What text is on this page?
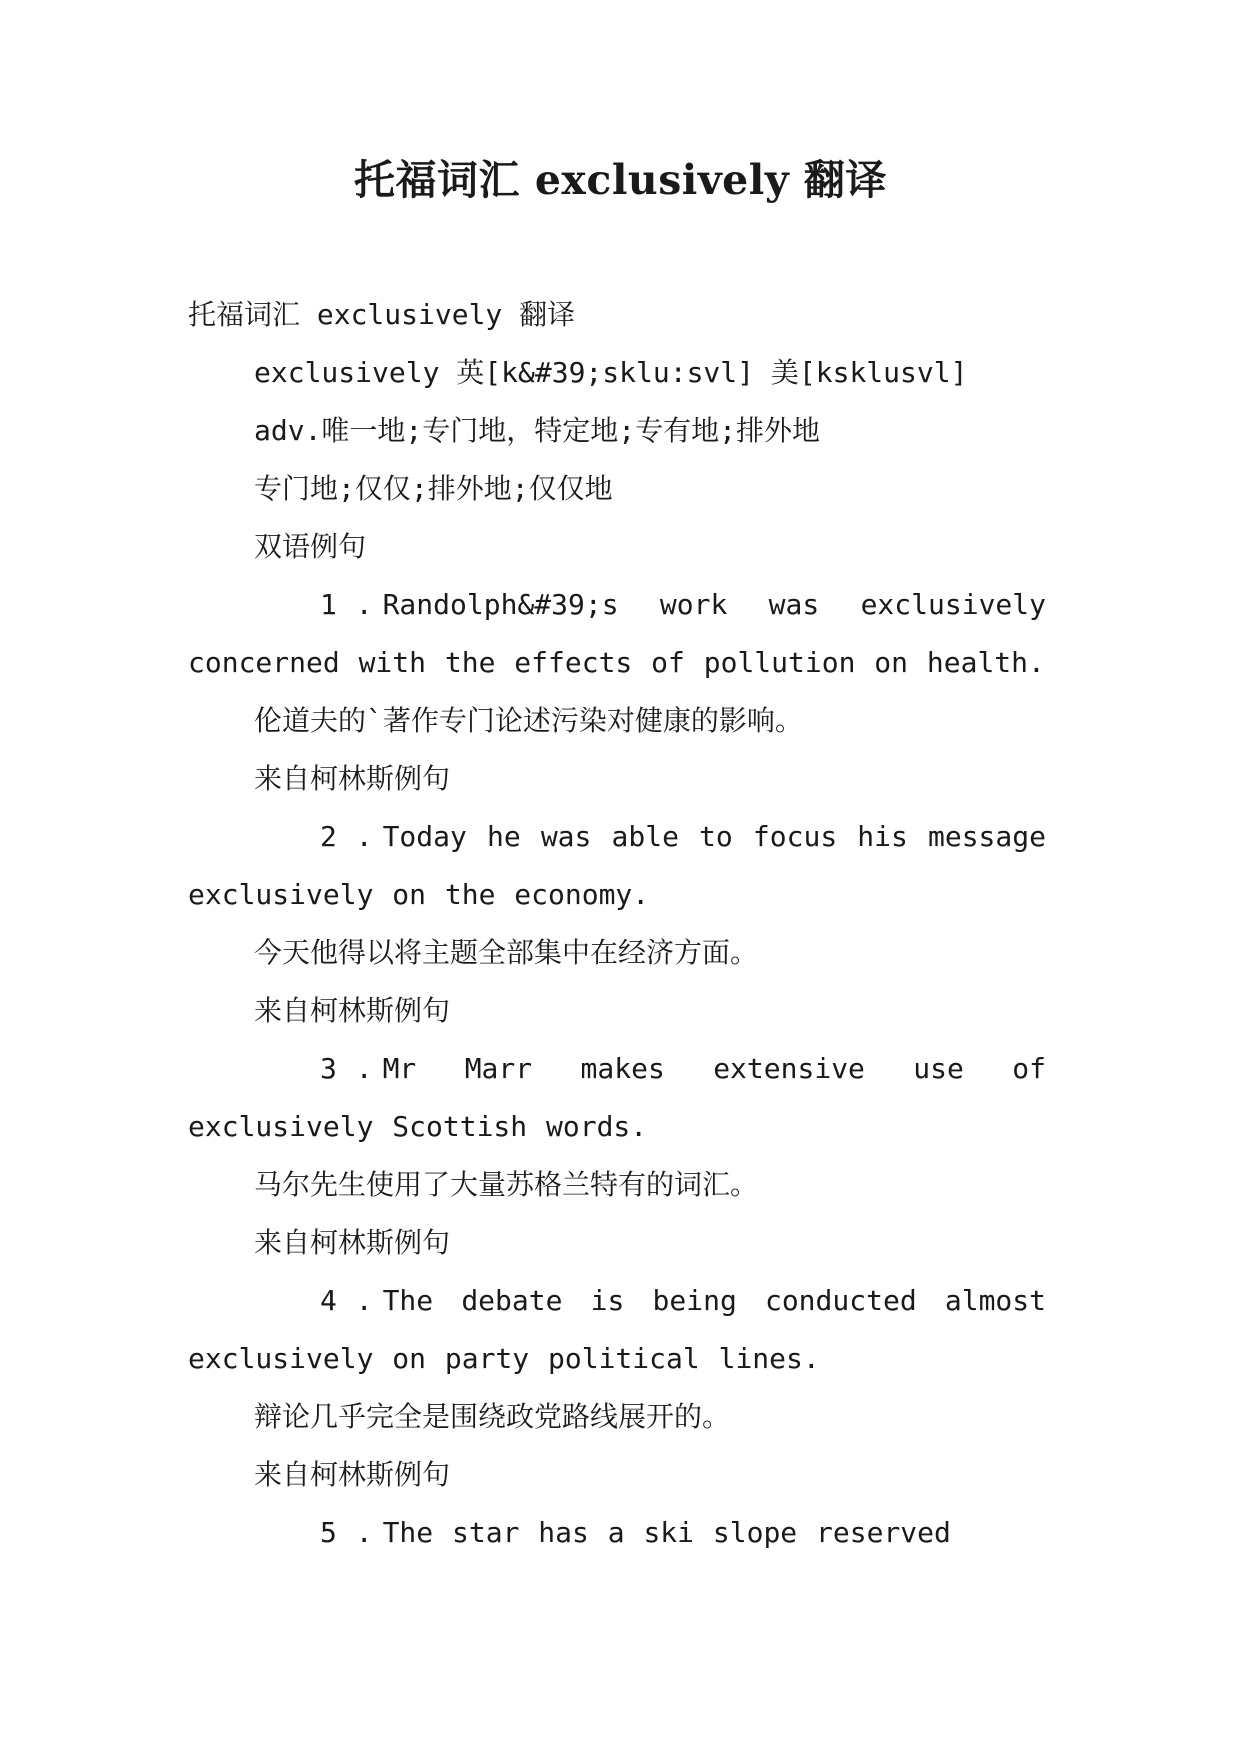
托福词汇 exclusively 翻译

托福词汇 exclusively 翻译

exclusively 英[k&#39;sklu:svl] 美[ksklusvl]

adv.唯一地;专门地，特定地;专有地;排外地

专门地;仅仅;排外地;仅仅地

双语例句

1 . Randolph&#39;s work was exclusively concerned with the effects of pollution on health.

伦道夫的`著作专门论述污染对健康的影响。

来自柯林斯例句

2 . Today he was able to focus his message exclusively on the economy.

今天他得以将主题全部集中在经济方面。

来自柯林斯例句

3 . Mr Marr makes extensive use of exclusively Scottish words.

马尔先生使用了大量苏格兰特有的词汇。

来自柯林斯例句

4 . The debate is being conducted almost exclusively on party political lines.

辩论几乎完全是围绕政党路线展开的。

来自柯林斯例句

5 . The star has a ski slope reserved
